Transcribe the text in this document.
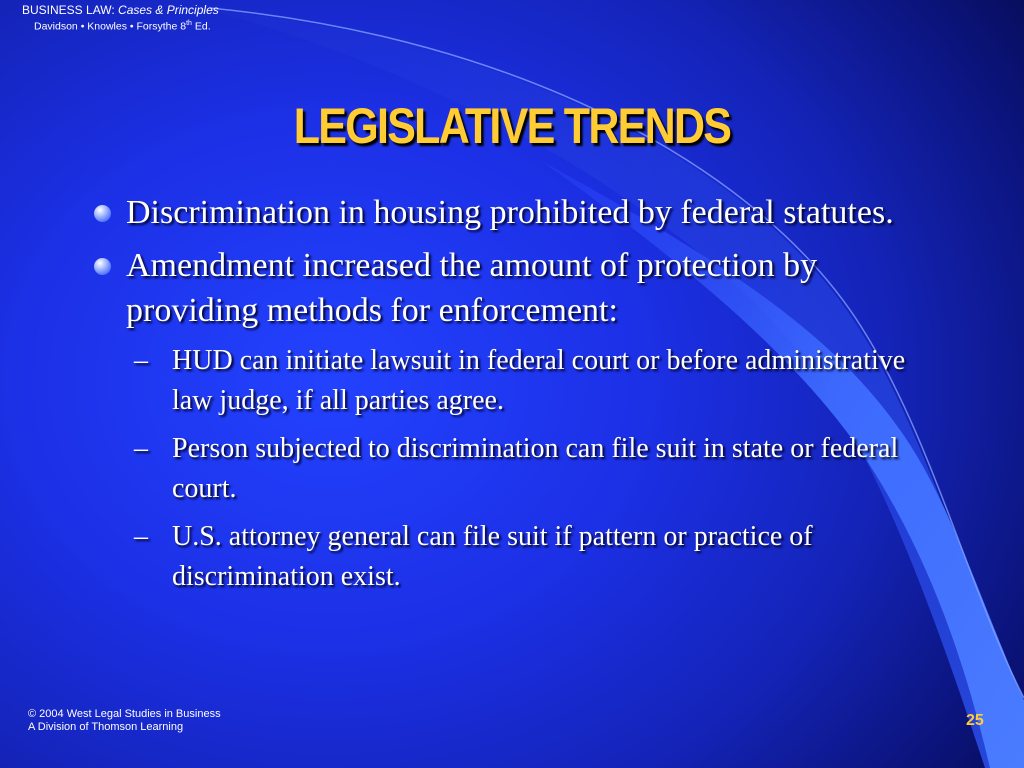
BUSINESS LAW: Cases & Principles
Davidson • Knowles • Forsythe 8th Ed.
LEGISLATIVE TRENDS
Discrimination in housing prohibited by federal statutes.
Amendment increased the amount of protection by providing methods for enforcement:
– HUD can initiate lawsuit in federal court or before administrative law judge, if all parties agree.
– Person subjected to discrimination can file suit in state or federal court.
– U.S. attorney general can file suit if pattern or practice of discrimination exist.
© 2004 West Legal Studies in Business
A Division of Thomson Learning	25
